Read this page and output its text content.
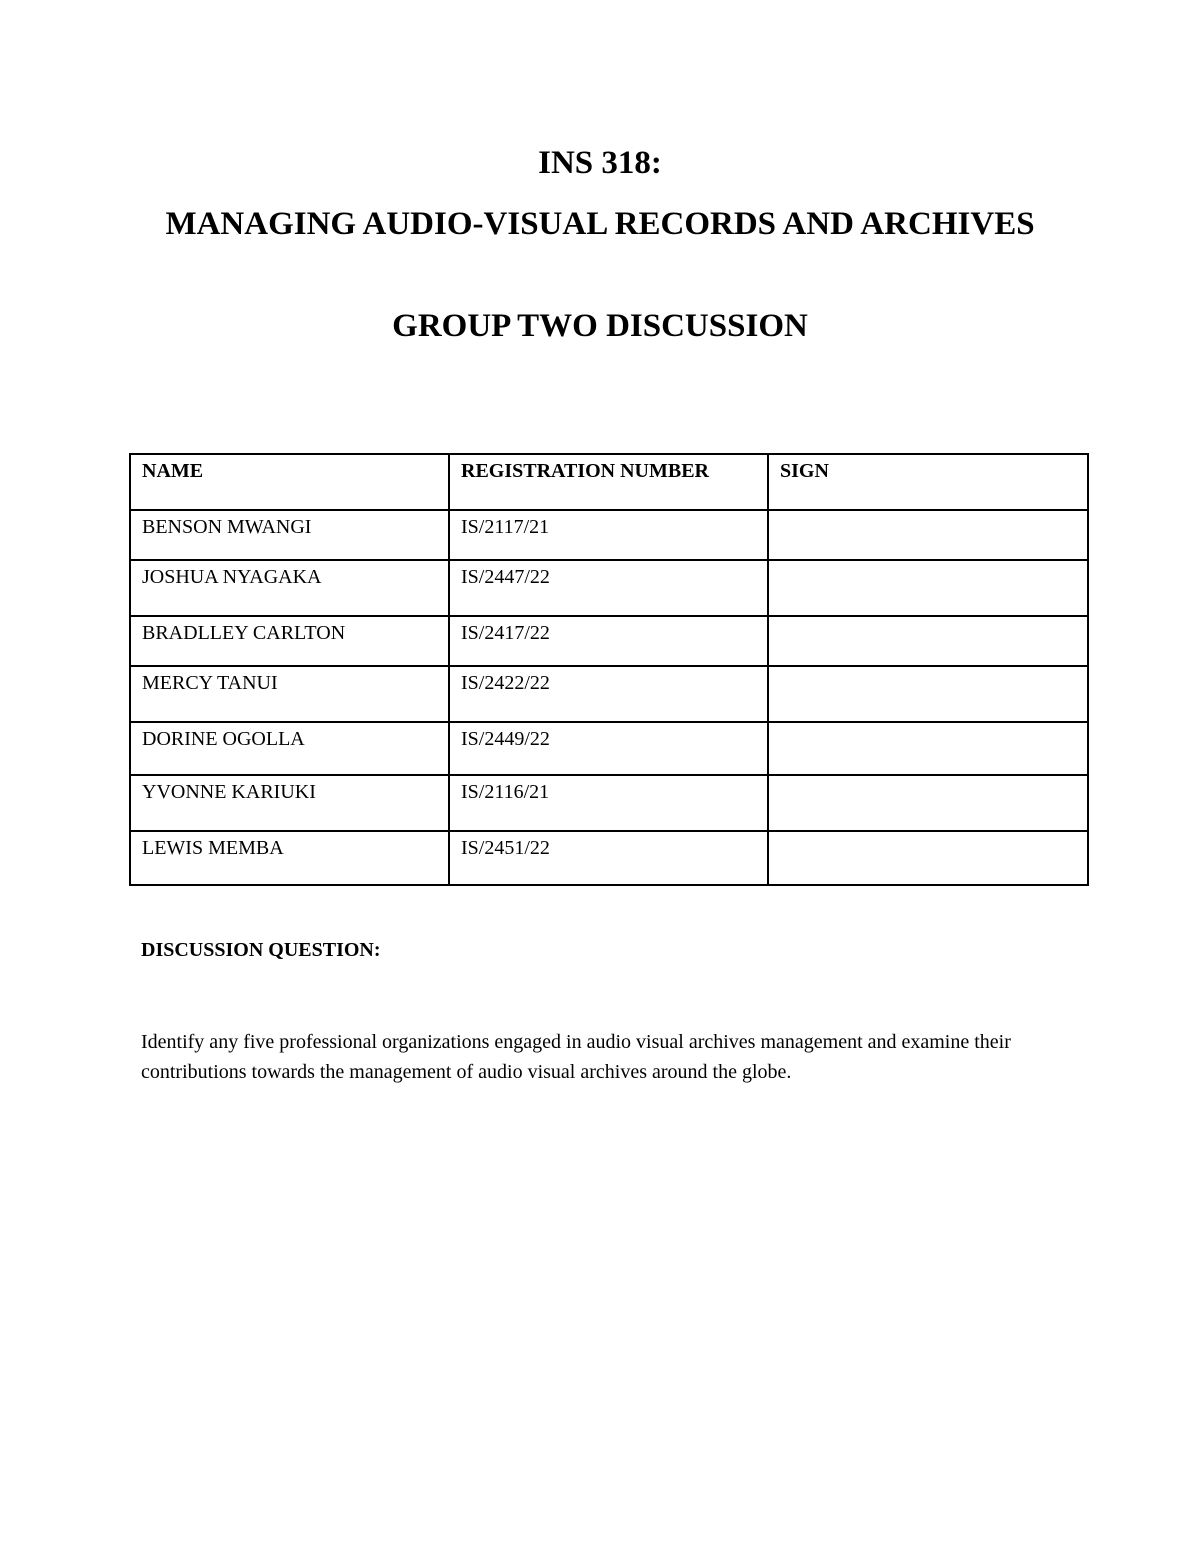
INS 318:
MANAGING AUDIO-VISUAL RECORDS AND ARCHIVES
GROUP TWO DISCUSSION
NAME	REGISTRATION NUMBER	SIGN
BENSON MWANGI	IS/2117/21	
JOSHUA NYAGAKA	IS/2447/22	
BRADLLEY CARLTON	IS/2417/22	
MERCY TANUI	IS/2422/22	
DORINE OGOLLA	IS/2449/22	
YVONNE KARIUKI	IS/2116/21	
LEWIS MEMBA	IS/2451/22	
DISCUSSION QUESTION:
Identify any five professional organizations engaged in audio visual archives management and examine their contributions towards the management of audio visual archives around the globe.
